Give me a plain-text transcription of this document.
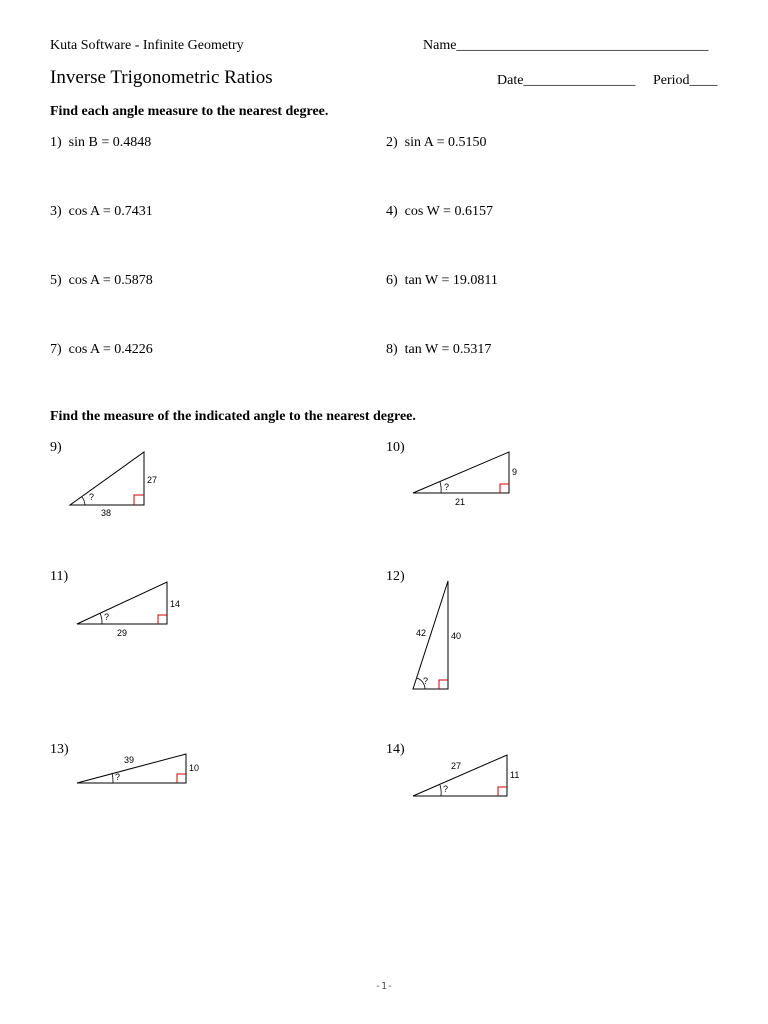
Kuta Software - Infinite Geometry	Name____________________________________
Inverse Trigonometric Ratios	Date________________ Period____
Find each angle measure to the nearest degree.
1) sin B = 0.4848	2) sin A = 0.5150
3) cos A = 0.7431	4) cos W = 0.6157
5) cos A = 0.5878	6) tan W = 19.0811
7) cos A = 0.4226	8) tan W = 0.5317
Find the measure of the indicated angle to the nearest degree.
9)
?
27
38
?
9
21
?
14
29
?
42	40
?
39
10
?
27
11
10)
11)	12)
13)	14)
-1-
